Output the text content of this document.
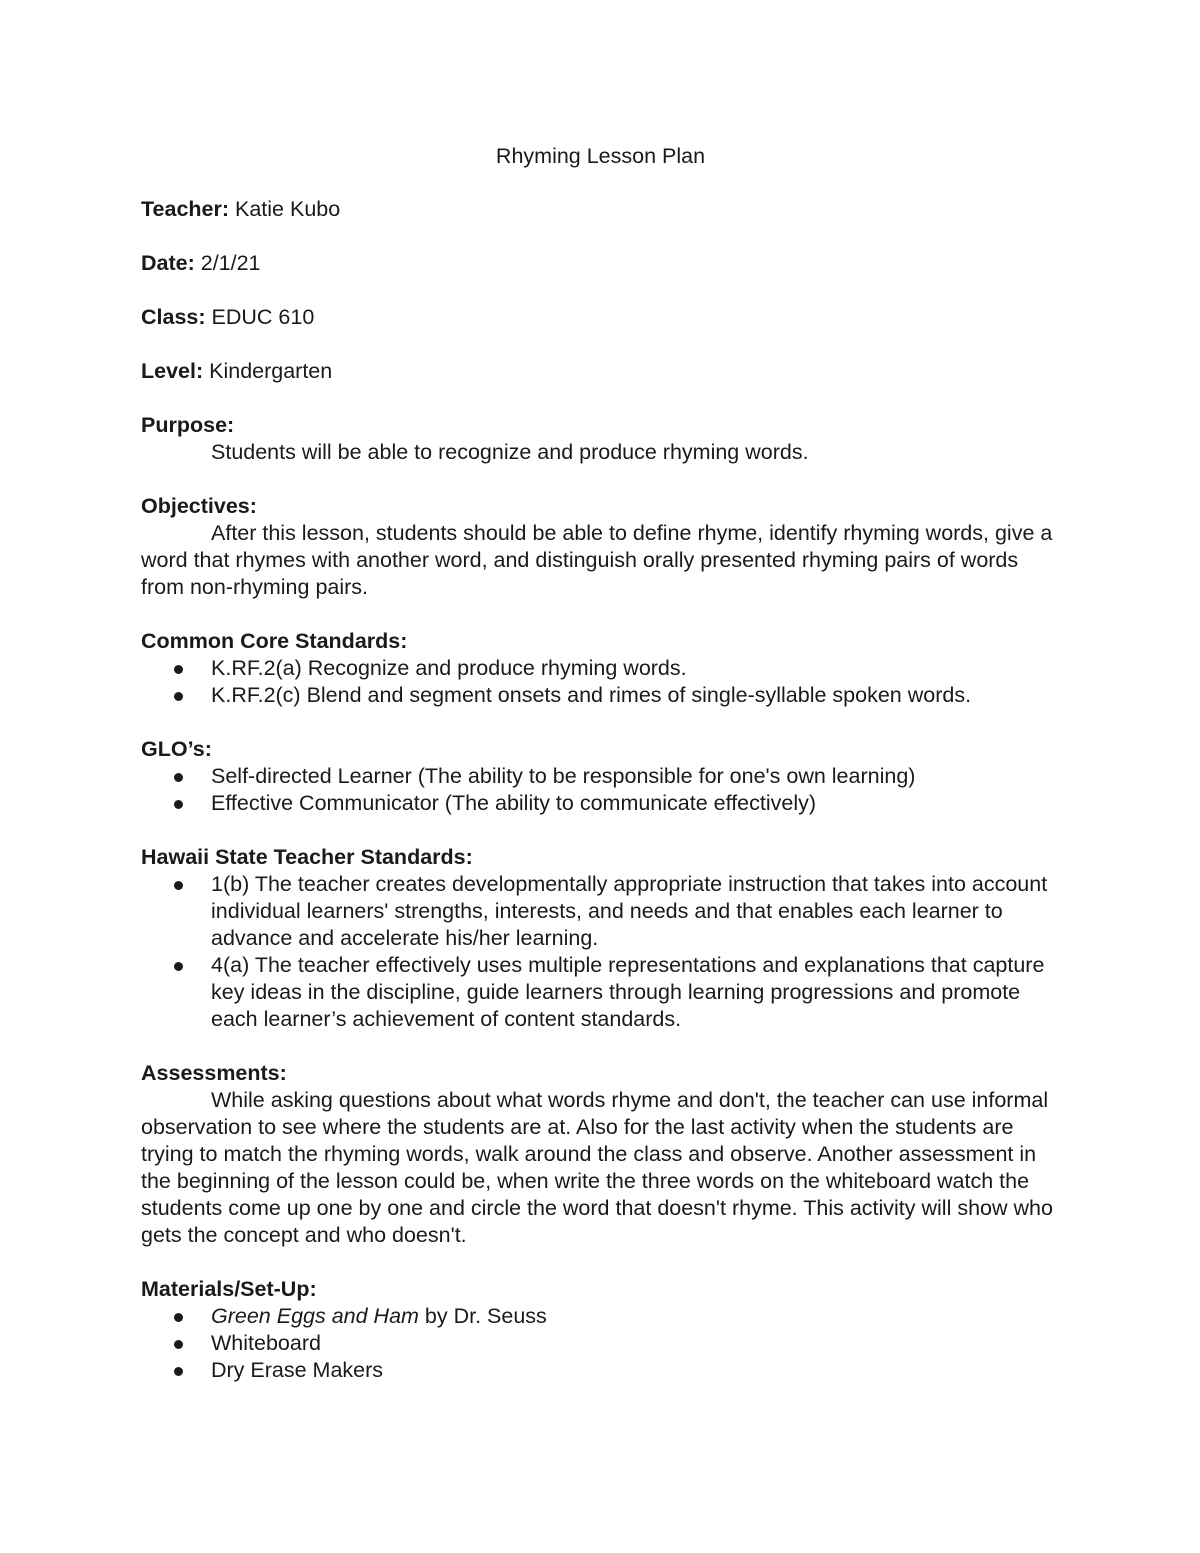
Rhyming Lesson Plan
Teacher: Katie Kubo
Date: 2/1/21
Class: EDUC 610
Level: Kindergarten
Purpose:

Students will be able to recognize and produce rhyming words.

Objectives:

After this lesson, students should be able to define rhyme, identify rhyming words, give a word that rhymes with another word, and distinguish orally presented rhyming pairs of words from non-rhyming pairs.

Common Core Standards:
K.RF.2(a) Recognize and produce rhyming words.
K.RF.2(c) Blend and segment onsets and rimes of single-syllable spoken words.
GLO’s:
Self-directed Learner (The ability to be responsible for one's own learning)
Effective Communicator (The ability to communicate effectively)
Hawaii State Teacher Standards:
1(b) The teacher creates developmentally appropriate instruction that takes into account individual learners' strengths, interests, and needs and that enables each learner to advance and accelerate his/her learning.
4(a) The teacher effectively uses multiple representations and explanations that capture key ideas in the discipline, guide learners through learning progressions and promote each learner’s achievement of content standards.
Assessments:

While asking questions about what words rhyme and don't, the teacher can use informal observation to see where the students are at. Also for the last activity when the students are trying to match the rhyming words, walk around the class and observe. Another assessment in the beginning of the lesson could be, when write the three words on the whiteboard watch the students come up one by one and circle the word that doesn't rhyme. This activity will show who gets the concept and who doesn't.

Materials/Set-Up:
Green Eggs and Ham by Dr. Seuss
Whiteboard
Dry Erase Makers
